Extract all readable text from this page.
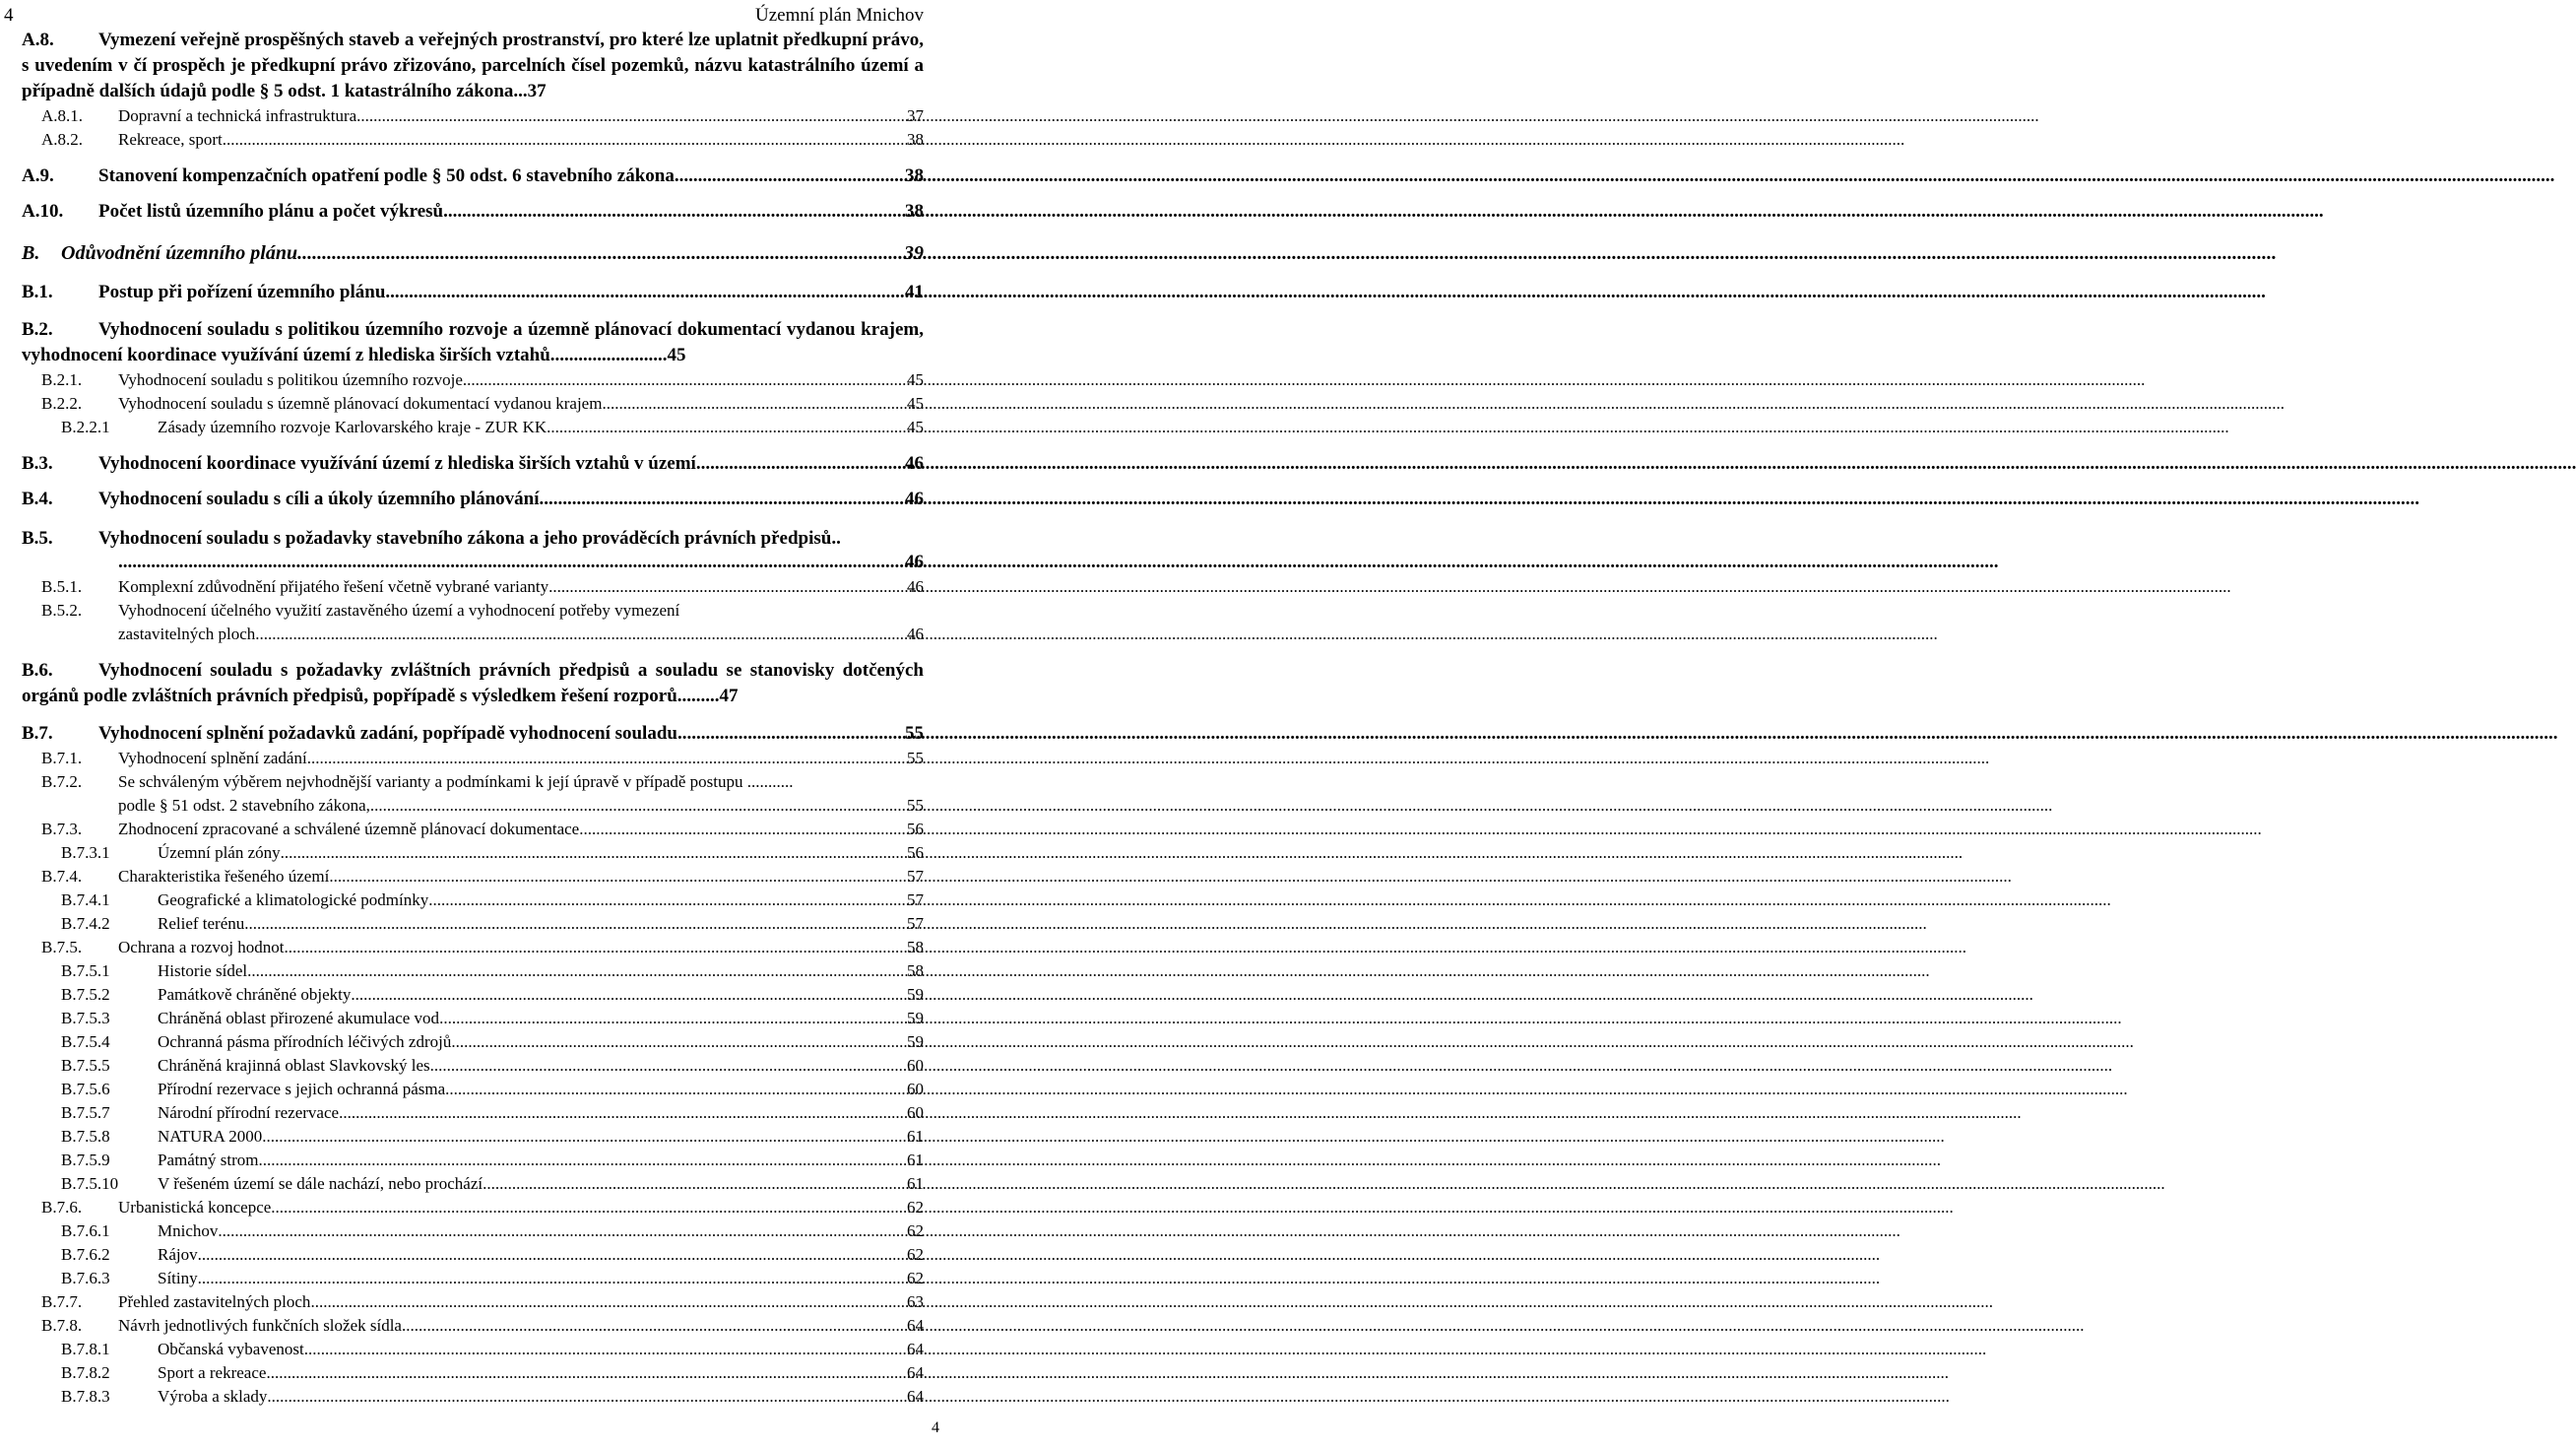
4	Územní plán Mnichov
A.8. Vymezení veřejně prospěšných staveb a veřejných prostranství, pro které lze uplatnit předkupní právo, s uvedením v čí prospěch je předkupní právo zřizováno, parcelních čísel pozemků, názvu katastrálního území a případně dalších údajů podle § 5 odst. 1 katastrálního zákona...37
A.8.1.	Dopravní a technická infrastruktura .....	37
A.8.2.	Rekreace, sport .....	38
A.9.	Stanovení kompenzačních opatření podle § 50 odst. 6 stavebního zákona .....	38
A.10.	Počet listů územního plánu a počet výkresů .....	38
B.	Odůvodnění územního plánu .....	39
B.1.	Postup při pořízení územního plánu .....	41
B.2. Vyhodnocení souladu s politikou územního rozvoje a územně plánovací dokumentací vydanou krajem, vyhodnocení koordinace využívání území z hlediska širších vztahů.........................45
B.2.1.	Vyhodnocení souladu s politikou územního rozvoje .....	45
B.2.2.	Vyhodnocení souladu s územně plánovací dokumentací vydanou krajem .....	45
B.2.2.1	Zásady územního rozvoje Karlovarského kraje - ZUR KK .....	45
B.3.	Vyhodnocení koordinace využívání území z hlediska širších vztahů v území .....	46
B.4.	Vyhodnocení souladu s cíli a úkoly územního plánování .....	46
B.5. Vyhodnocení souladu s požadavky stavebního zákona a jeho prováděcích právních předpisů..
.....
46
B.5.1.	Komplexní zdůvodnění přijatého řešení včetně vybrané varianty .....	46
B.5.2. Vyhodnocení účelného využití zastavěného území a vyhodnocení potřeby vymezení
zastavitelných ploch .....	46
B.6. Vyhodnocení souladu s požadavky zvláštních právních předpisů a souladu se stanovisky dotčených orgánů podle zvláštních právních předpisů, popřípadě s výsledkem řešení rozporů.........47
B.7.	Vyhodnocení splnění požadavků zadání, popřípadě vyhodnocení souladu .....	55
B.7.1.	Vyhodnocení splnění zadání .....	55
B.7.2. Se schváleným výběrem nejvhodnější varianty a podmínkami k její úpravě v případě postupu ...........
podle § 51 odst. 2 stavebního zákona, .....	55
B.7.3.	Zhodnocení zpracované a schválené územně plánovací dokumentace .....	56
B.7.3.1	Územní plán zóny .....	56
B.7.4.	Charakteristika řešeného území .....	57
B.7.4.1	Geografické a klimatologické podmínky .....	57
B.7.4.2	Relief terénu .....	57
B.7.5.	Ochrana a rozvoj hodnot .....	58
B.7.5.1	Historie sídel .....	58
B.7.5.2	Památkově chráněné objekty .....	59
B.7.5.3	Chráněná oblast přirozené akumulace vod .....	59
B.7.5.4	Ochranná pásma přírodních léčivých zdrojů .....	59
B.7.5.5	Chráněná krajinná oblast Slavkovský les .....	60
B.7.5.6	Přírodní rezervace s jejich ochranná pásma .....	60
B.7.5.7	Národní přírodní rezervace .....	60
B.7.5.8	NATURA 2000 .....	61
B.7.5.9	Památný strom .....	61
B.7.5.10	V řešeném území se dále nachází, nebo prochází .....	61
B.7.6.	Urbanistická koncepce .....	62
B.7.6.1	Mnichov .....	62
B.7.6.2	Rájov .....	62
B.7.6.3	Sítiny .....	62
B.7.7.	Přehled zastavitelných ploch .....	63
B.7.8.	Návrh jednotlivých funkčních složek sídla .....	64
B.7.8.1	Občanská vybavenost .....	64
B.7.8.2	Sport a rekreace .....	64
B.7.8.3	Výroba a sklady .....	64
4
